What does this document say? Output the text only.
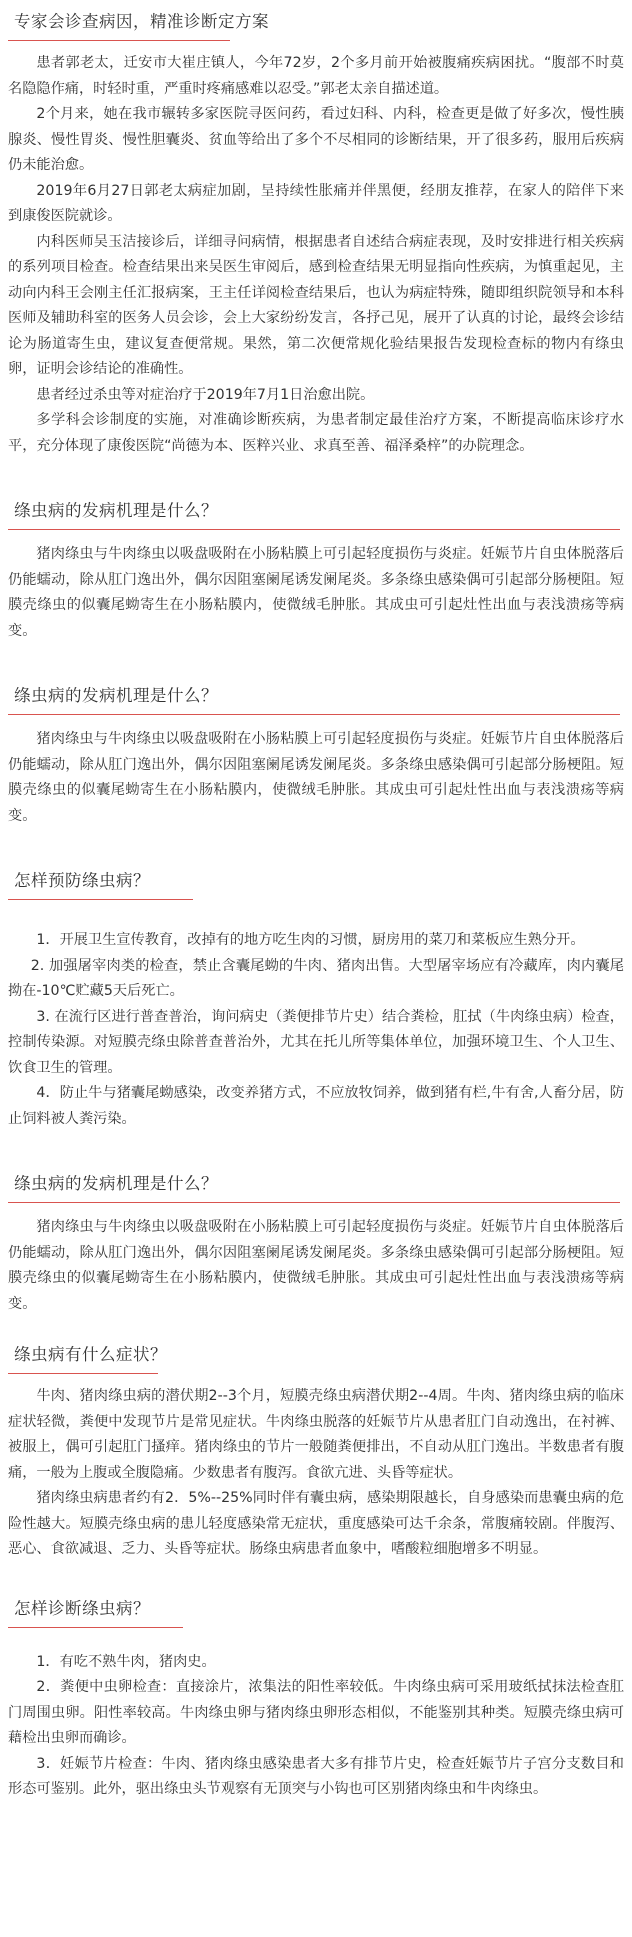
专家会诊查病因，精准诊断定方案

患者郭老太，迁安市大崔庄镇人，今年72岁，2个多月前开始被腹痛疾病困扰。“腹部不时莫名隐隐作痛，时轻时重，严重时疼痛感难以忍受。”郭老太亲自描述道。

2个月来，她在我市辗转多家医院寻医问药，看过妇科、内科，检查更是做了好多次，慢性胰腺炎、慢性胃炎、慢性胆囊炎、贫血等给出了多个不尽相同的诊断结果，开了很多药，服用后疾病仍未能治愈。

2019年6月27日郭老太病症加剧，呈持续性胀痛并伴黑便，经朋友推荐，在家人的陪伴下来到康俊医院就诊。

内科医师吴玉洁接诊后，详细寻问病情，根据患者自述结合病症表现，及时安排进行相关疾病的系列项目检查。检查结果出来吴医生审阅后，感到检查结果无明显指向性疾病，为慎重起见，主动向内科王会刚主任汇报病案，王主任详阅检查结果后，也认为病症特殊，随即组织院领导和本科医师及辅助科室的医务人员会诊，会上大家纷纷发言，各抒己见，展开了认真的讨论，最终会诊结论为肠道寄生虫，建议复查便常规。果然，第二次便常规化验结果报告发现检查标的物内有绦虫卵，证明会诊结论的准确性。

患者经过杀虫等对症治疗于2019年7月1日治愈出院。

多学科会诊制度的实施，对准确诊断疾病，为患者制定最佳治疗方案，不断提高临床诊疗水平，充分体现了康俊医院“尚德为本、医粹兴业、求真至善、福泽桑梓”的办院理念。

绦虫病的发病机理是什么？

猪肉绦虫与牛肉绦虫以吸盘吸附在小肠粘膜上可引起轻度损伤与炎症。妊娠节片自虫体脱落后仍能蠕动，除从肛门逸出外，偶尔因阻塞阑尾诱发阑尾炎。多条绦虫感染偶可引起部分肠梗阻。短膜壳绦虫的似囊尾蚴寄生在小肠粘膜内，使微绒毛肿胀。其成虫可引起灶性出血与表浅溃疡等病变。

绦虫病的发病机理是什么？

猪肉绦虫与牛肉绦虫以吸盘吸附在小肠粘膜上可引起轻度损伤与炎症。妊娠节片自虫体脱落后仍能蠕动，除从肛门逸出外，偶尔因阻塞阑尾诱发阑尾炎。多条绦虫感染偶可引起部分肠梗阻。短膜壳绦虫的似囊尾蚴寄生在小肠粘膜内，使微绒毛肿胀。其成虫可引起灶性出血与表浅溃疡等病变。

怎样预防绦虫病？

1．开展卫生宣传教育，改掉有的地方吃生肉的习惯，厨房用的菜刀和菜板应生熟分开。

2. 加强屠宰肉类的检查，禁止含囊尾蚴的牛肉、猪肉出售。大型屠宰场应有冷藏库，肉内囊尾拗在-10℃贮藏5天后死亡。

3. 在流行区进行普查普治，询问病史（粪便排节片史）结合粪检，肛拭（牛肉绦虫病）检查，控制传染源。对短膜壳绦虫除普查普治外，尤其在托儿所等集体单位，加强环境卫生、个人卫生、饮食卫生的管理。

4．防止牛与猪囊尾蚴感染，改变养猪方式，不应放牧饲养，做到猪有栏,牛有舍,人畜分居，防止饲料被人粪污染。

绦虫病的发病机理是什么？

猪肉绦虫与牛肉绦虫以吸盘吸附在小肠粘膜上可引起轻度损伤与炎症。妊娠节片自虫体脱落后仍能蠕动，除从肛门逸出外，偶尔因阻塞阑尾诱发阑尾炎。多条绦虫感染偶可引起部分肠梗阻。短膜壳绦虫的似囊尾蚴寄生在小肠粘膜内，使微绒毛肿胀。其成虫可引起灶性出血与表浅溃疡等病变。

绦虫病有什么症状？

牛肉、猪肉绦虫病的潜伏期2--3个月，短膜壳绦虫病潜伏期2--4周。牛肉、猪肉绦虫病的临床症状轻微，粪便中发现节片是常见症状。牛肉绦虫脱落的妊娠节片从患者肛门自动逸出，在衬裤、被服上，偶可引起肛门搔痒。猪肉绦虫的节片一般随粪便排出，不自动从肛门逸出。半数患者有腹痛，一般为上腹或全腹隐痛。少数患者有腹泻。食欲亢进、头昏等症状。

猪肉绦虫病患者约有2．5%--25%同时伴有囊虫病，感染期限越长，自身感染而患囊虫病的危险性越大。短膜壳绦虫病的患儿轻度感染常无症状，重度感染可达千余条，常腹痛较剧。伴腹泻、恶心、食欲减退、乏力、头昏等症状。肠绦虫病患者血象中，嗜酸粒细胞增多不明显。

怎样诊断绦虫病？

1．有吃不熟牛肉，猪肉史。

2．粪便中虫卵检查：直接涂片，浓集法的阳性率较低。牛肉绦虫病可采用玻纸拭抹法检查肛门周围虫卵。阳性率较高。牛肉绦虫卵与猪肉绦虫卵形态相似，不能鉴别其种类。短膜壳绦虫病可藉检出虫卵而确诊。

3．妊娠节片检查：牛肉、猪肉绦虫感染患者大多有排节片史，检查妊娠节片子宫分支数目和形态可鉴别。此外，驱出绦虫头节观察有无顶突与小钩也可区别猪肉绦虫和牛肉绦虫。
